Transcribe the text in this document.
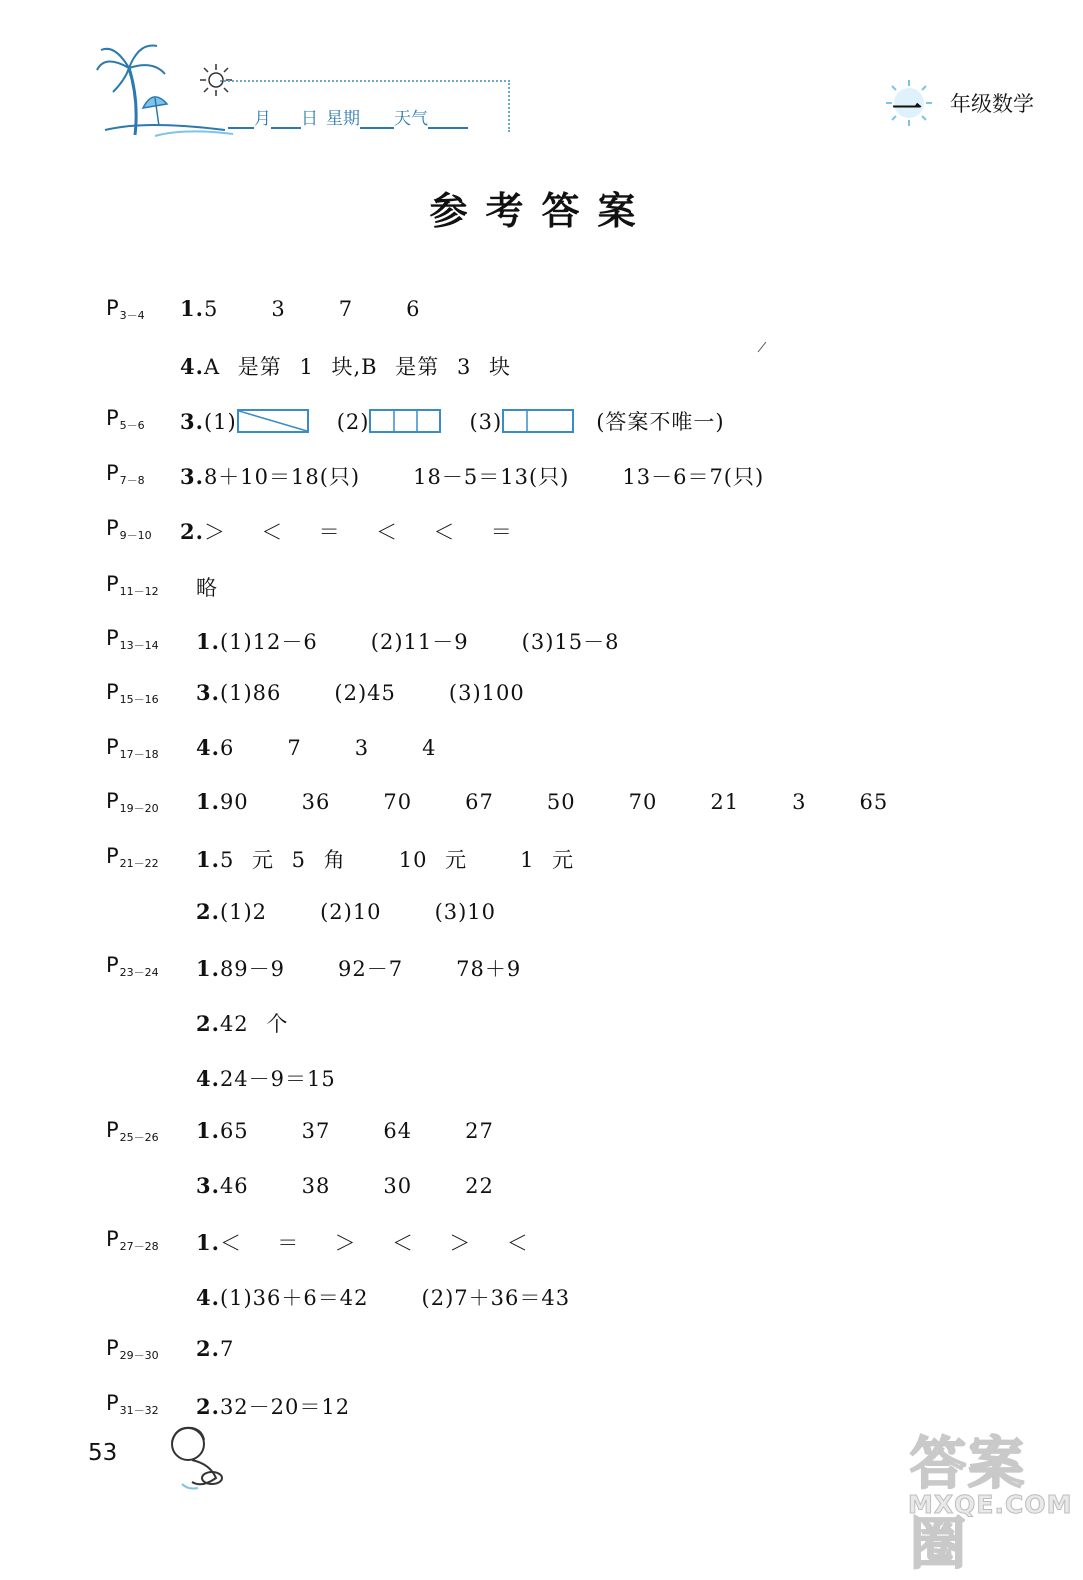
月 日 星期 天气	一 年级数学
参考答案
$P_{5-6}$ 3.(1)	(2)	(3)	(答案不唯一)
$P_{3-4}$ 1.5   3   7   6
4.A 是第 1 块,B 是第 3 块
$P_{7-8}$ 3.8＋10＝18(只)   18－5＝13(只)   13－6＝7(只)
$P_{9-10}$ 2.＞  ＜  ＝  ＜  ＜  ＝
$P_{11-12}$ 略
$P_{13-14}$ 1.(1)12－6   (2)11－9   (3)15－8
$P_{15-16}$ 3.(1)86   (2)45   (3)100
$P_{17-18}$ 4.6   7   3   4
$P_{19-20}$ 1.90   36   70   67   50   70   21   3   65
$P_{21-22}$ 1.5 元 5 角   10 元   1 元
2.(1)2   (2)10   (3)10
$P_{23-24}$ 1.89－9   92－7   78＋9
2.42 个
4.24－9＝15
$P_{25-26}$ 1.65   37   64   27
3.46   38   30   22
$P_{27-28}$ 1.＜  ＝  ＞  ＜  ＞  ＜
4.(1)36＋6＝42   (2)7＋36＝43
$P_{29-30}$ 2.7
$P_{31-32}$ 2.32－20＝12
53	答案圈
MXQE.COM
